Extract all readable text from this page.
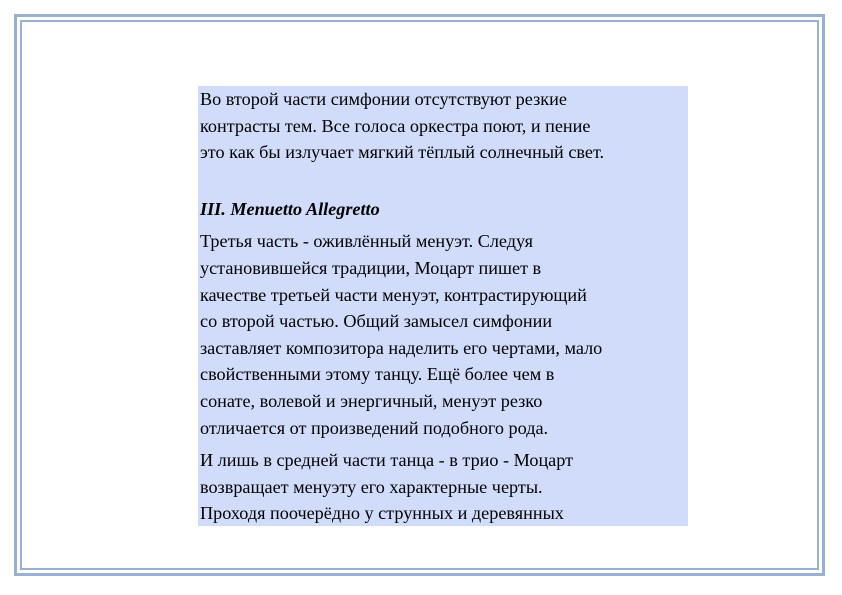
Во второй части симфонии отсутствуют резкие
контрасты тем. Все голоса оркестра поют, и пение
это как бы излучает мягкий тёплый солнечный свет.

III. Menuetto Allegretto

Третья часть - оживлённый менуэт. Следуя
установившейся традиции, Моцарт пишет в
качестве третьей части менуэт, контрастирующий
со второй частью. Общий замысел симфонии
заставляет композитора наделить его чертами, мало
свойственными этому танцу. Ещё более чем в
сонате, волевой и энергичный, менуэт резко
отличается от произведений подобного рода.

И лишь в средней части танца - в трио - Моцарт
возвращает менуэту его характерные черты.
Проходя поочерёдно у струнных и деревянных
